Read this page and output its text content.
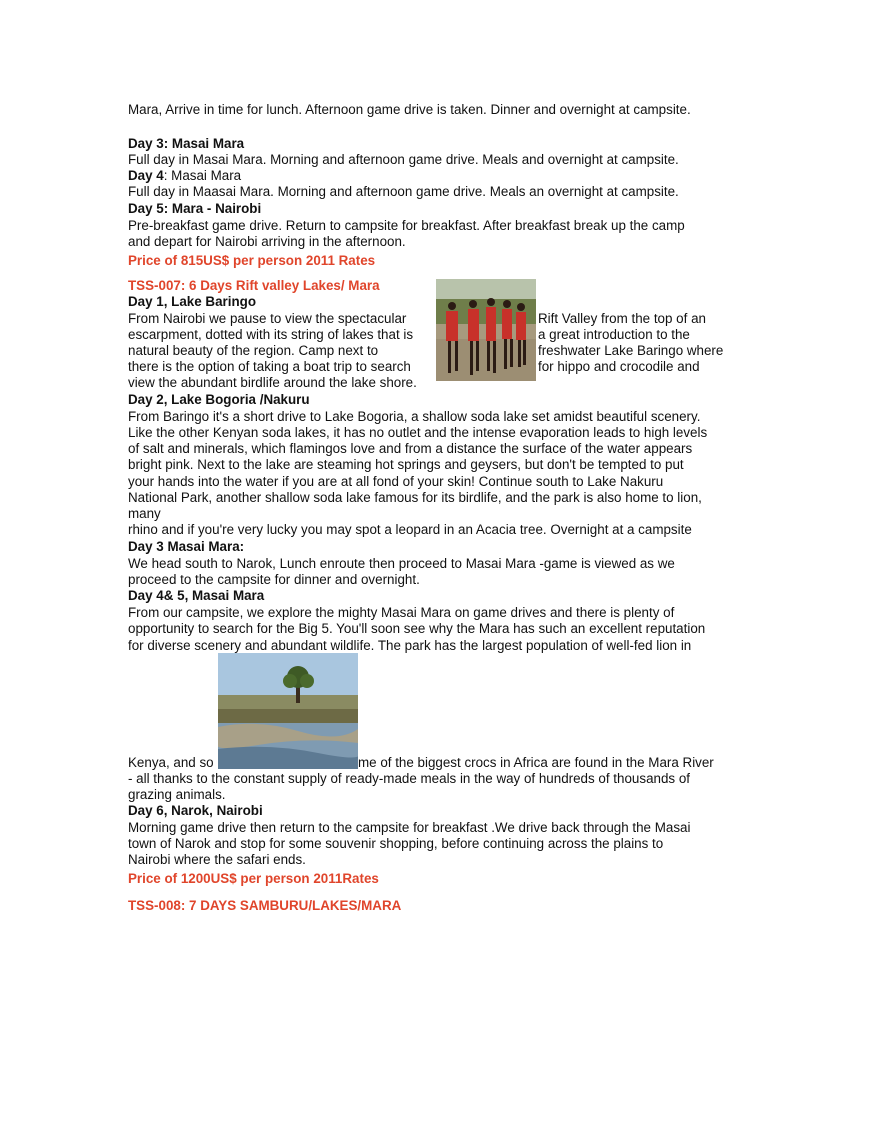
Mara, Arrive in time for lunch. Afternoon game drive is taken. Dinner and overnight at campsite.
Day 3: Masai Mara
Full day in Masai Mara. Morning and afternoon game drive. Meals and overnight at campsite.
Day 4: Masai Mara
Full day in Maasai Mara. Morning and afternoon game drive. Meals an overnight at campsite.
Day 5: Mara - Nairobi
Pre-breakfast game drive. Return to campsite for breakfast. After breakfast break up the camp
and depart for Nairobi arriving in the afternoon.
Price of 815US$ per person 2011 Rates
TSS-007: 6 Days Rift valley Lakes/ Mara
Day 1, Lake Baringo
From Nairobi we pause to view the spectacular
escarpment, dotted with its string of lakes that is
natural beauty of the region. Camp next to
there is the option of taking a boat trip to search
view the abundant birdlife around the lake shore.
Rift Valley from the top of an
a great introduction to the
freshwater Lake Baringo where
for hippo and crocodile and
Day 2, Lake Bogoria /Nakuru
From Baringo it's a short drive to Lake Bogoria, a shallow soda lake set amidst beautiful scenery.
Like the other Kenyan soda lakes, it has no outlet and the intense evaporation leads to high levels
of salt and minerals, which flamingos love and from a distance the surface of the water appears
bright pink. Next to the lake are steaming hot springs and geysers, but don't be tempted to put
your hands into the water if you are at all fond of your skin! Continue south to Lake Nakuru
National Park, another shallow soda lake famous for its birdlife, and the park is also home to lion,
many
rhino and if you're very lucky you may spot a leopard in an Acacia tree. Overnight at a campsite
Day 3 Masai Mara:
We head south to Narok, Lunch enroute then proceed to Masai Mara -game is viewed as we
proceed to the campsite for dinner and overnight.
Day 4& 5, Masai Mara
From our campsite, we explore the mighty Masai Mara on game drives and there is plenty of
opportunity to search for the Big 5. You'll soon see why the Mara has such an excellent reputation
for diverse scenery and abundant wildlife. The park has the largest population of well-fed lion in
Kenya, and so	me of the biggest crocs in Africa are found in the Mara River
- all thanks to the constant supply of ready-made meals in the way of hundreds of thousands of
grazing animals.
Day 6, Narok, Nairobi
Morning game drive then return to the campsite for breakfast .We drive back through the Masai
town of Narok and stop for some souvenir shopping, before continuing across the plains to
Nairobi where the safari ends.
Price of 1200US$ per person 2011Rates
TSS-008: 7 DAYS SAMBURU/LAKES/MARA
